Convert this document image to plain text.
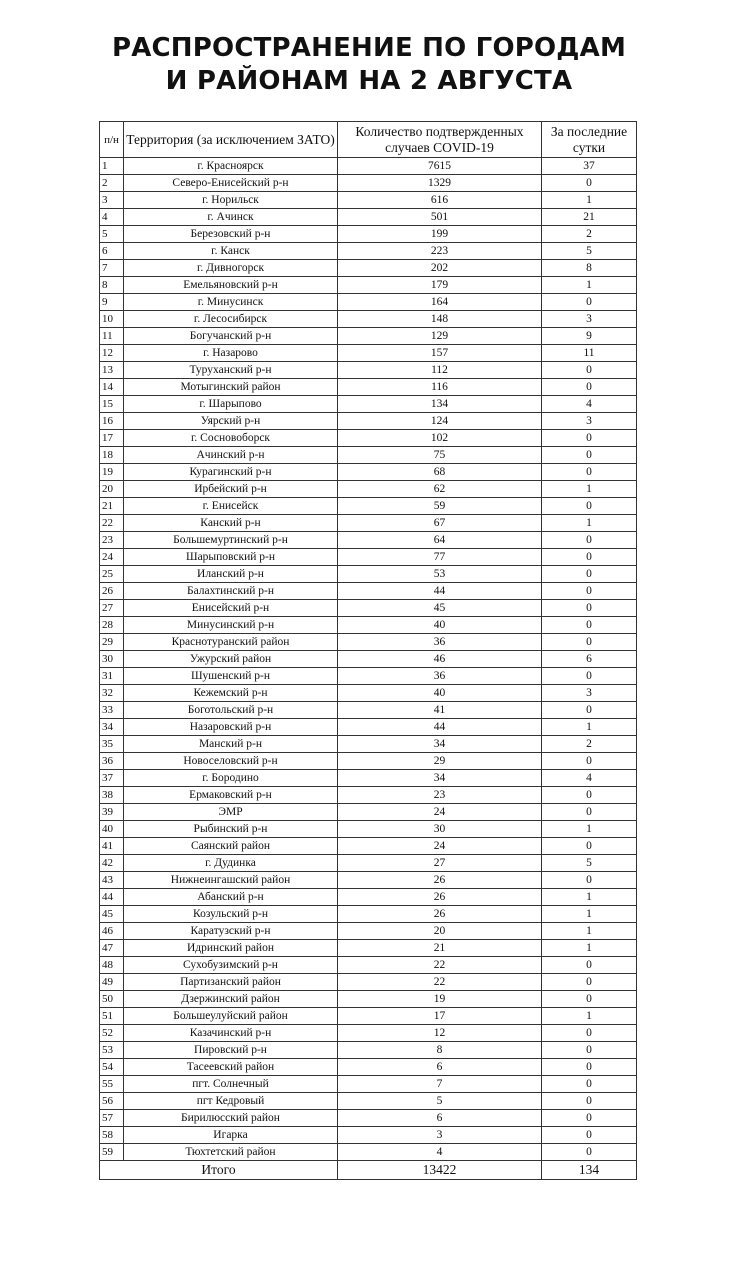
РАСПРОСТРАНЕНИЕ ПО ГОРОДАМ
И РАЙОНАМ НА 2 АВГУСТА
п/н	Территория (за исключением ЗАТО)	Количество подтвержденных случаев COVID-19	За последние сутки
1	г. Красноярск	7615	37
2	Северо-Енисейский р-н	1329	0
3	г. Норильск	616	1
4	г. Ачинск	501	21
5	Березовский р-н	199	2
6	г. Канск	223	5
7	г. Дивногорск	202	8
8	Емельяновский р-н	179	1
9	г. Минусинск	164	0
10	г. Лесосибирск	148	3
11	Богучанский р-н	129	9
12	г. Назарово	157	11
13	Туруханский р-н	112	0
14	Мотыгинский район	116	0
15	г. Шарыпово	134	4
16	Уярский р-н	124	3
17	г. Сосновоборск	102	0
18	Ачинский р-н	75	0
19	Курагинский р-н	68	0
20	Ирбейский р-н	62	1
21	г. Енисейск	59	0
22	Канский р-н	67	1
23	Большемуртинский р-н	64	0
24	Шарыповский р-н	77	0
25	Иланский р-н	53	0
26	Балахтинский р-н	44	0
27	Енисейский р-н	45	0
28	Минусинский р-н	40	0
29	Краснотуранский район	36	0
30	Ужурский район	46	6
31	Шушенский р-н	36	0
32	Кежемский р-н	40	3
33	Боготольский р-н	41	0
34	Назаровский р-н	44	1
35	Манский р-н	34	2
36	Новоселовский р-н	29	0
37	г. Бородино	34	4
38	Ермаковский р-н	23	0
39	ЭМР	24	0
40	Рыбинский р-н	30	1
41	Саянский район	24	0
42	г. Дудинка	27	5
43	Нижнеингашский район	26	0
44	Абанский р-н	26	1
45	Козульский р-н	26	1
46	Каратузский р-н	20	1
47	Идринский район	21	1
48	Сухобузимский р-н	22	0
49	Партизанский район	22	0
50	Дзержинский район	19	0
51	Большеулуйский район	17	1
52	Казачинский р-н	12	0
53	Пировский р-н	8	0
54	Тасеевский район	6	0
55	пгт. Солнечный	7	0
56	пгт Кедровый	5	0
57	Бирилюсский район	6	0
58	Игарка	3	0
59	Тюхтетский район	4	0
Итого		13422	134
